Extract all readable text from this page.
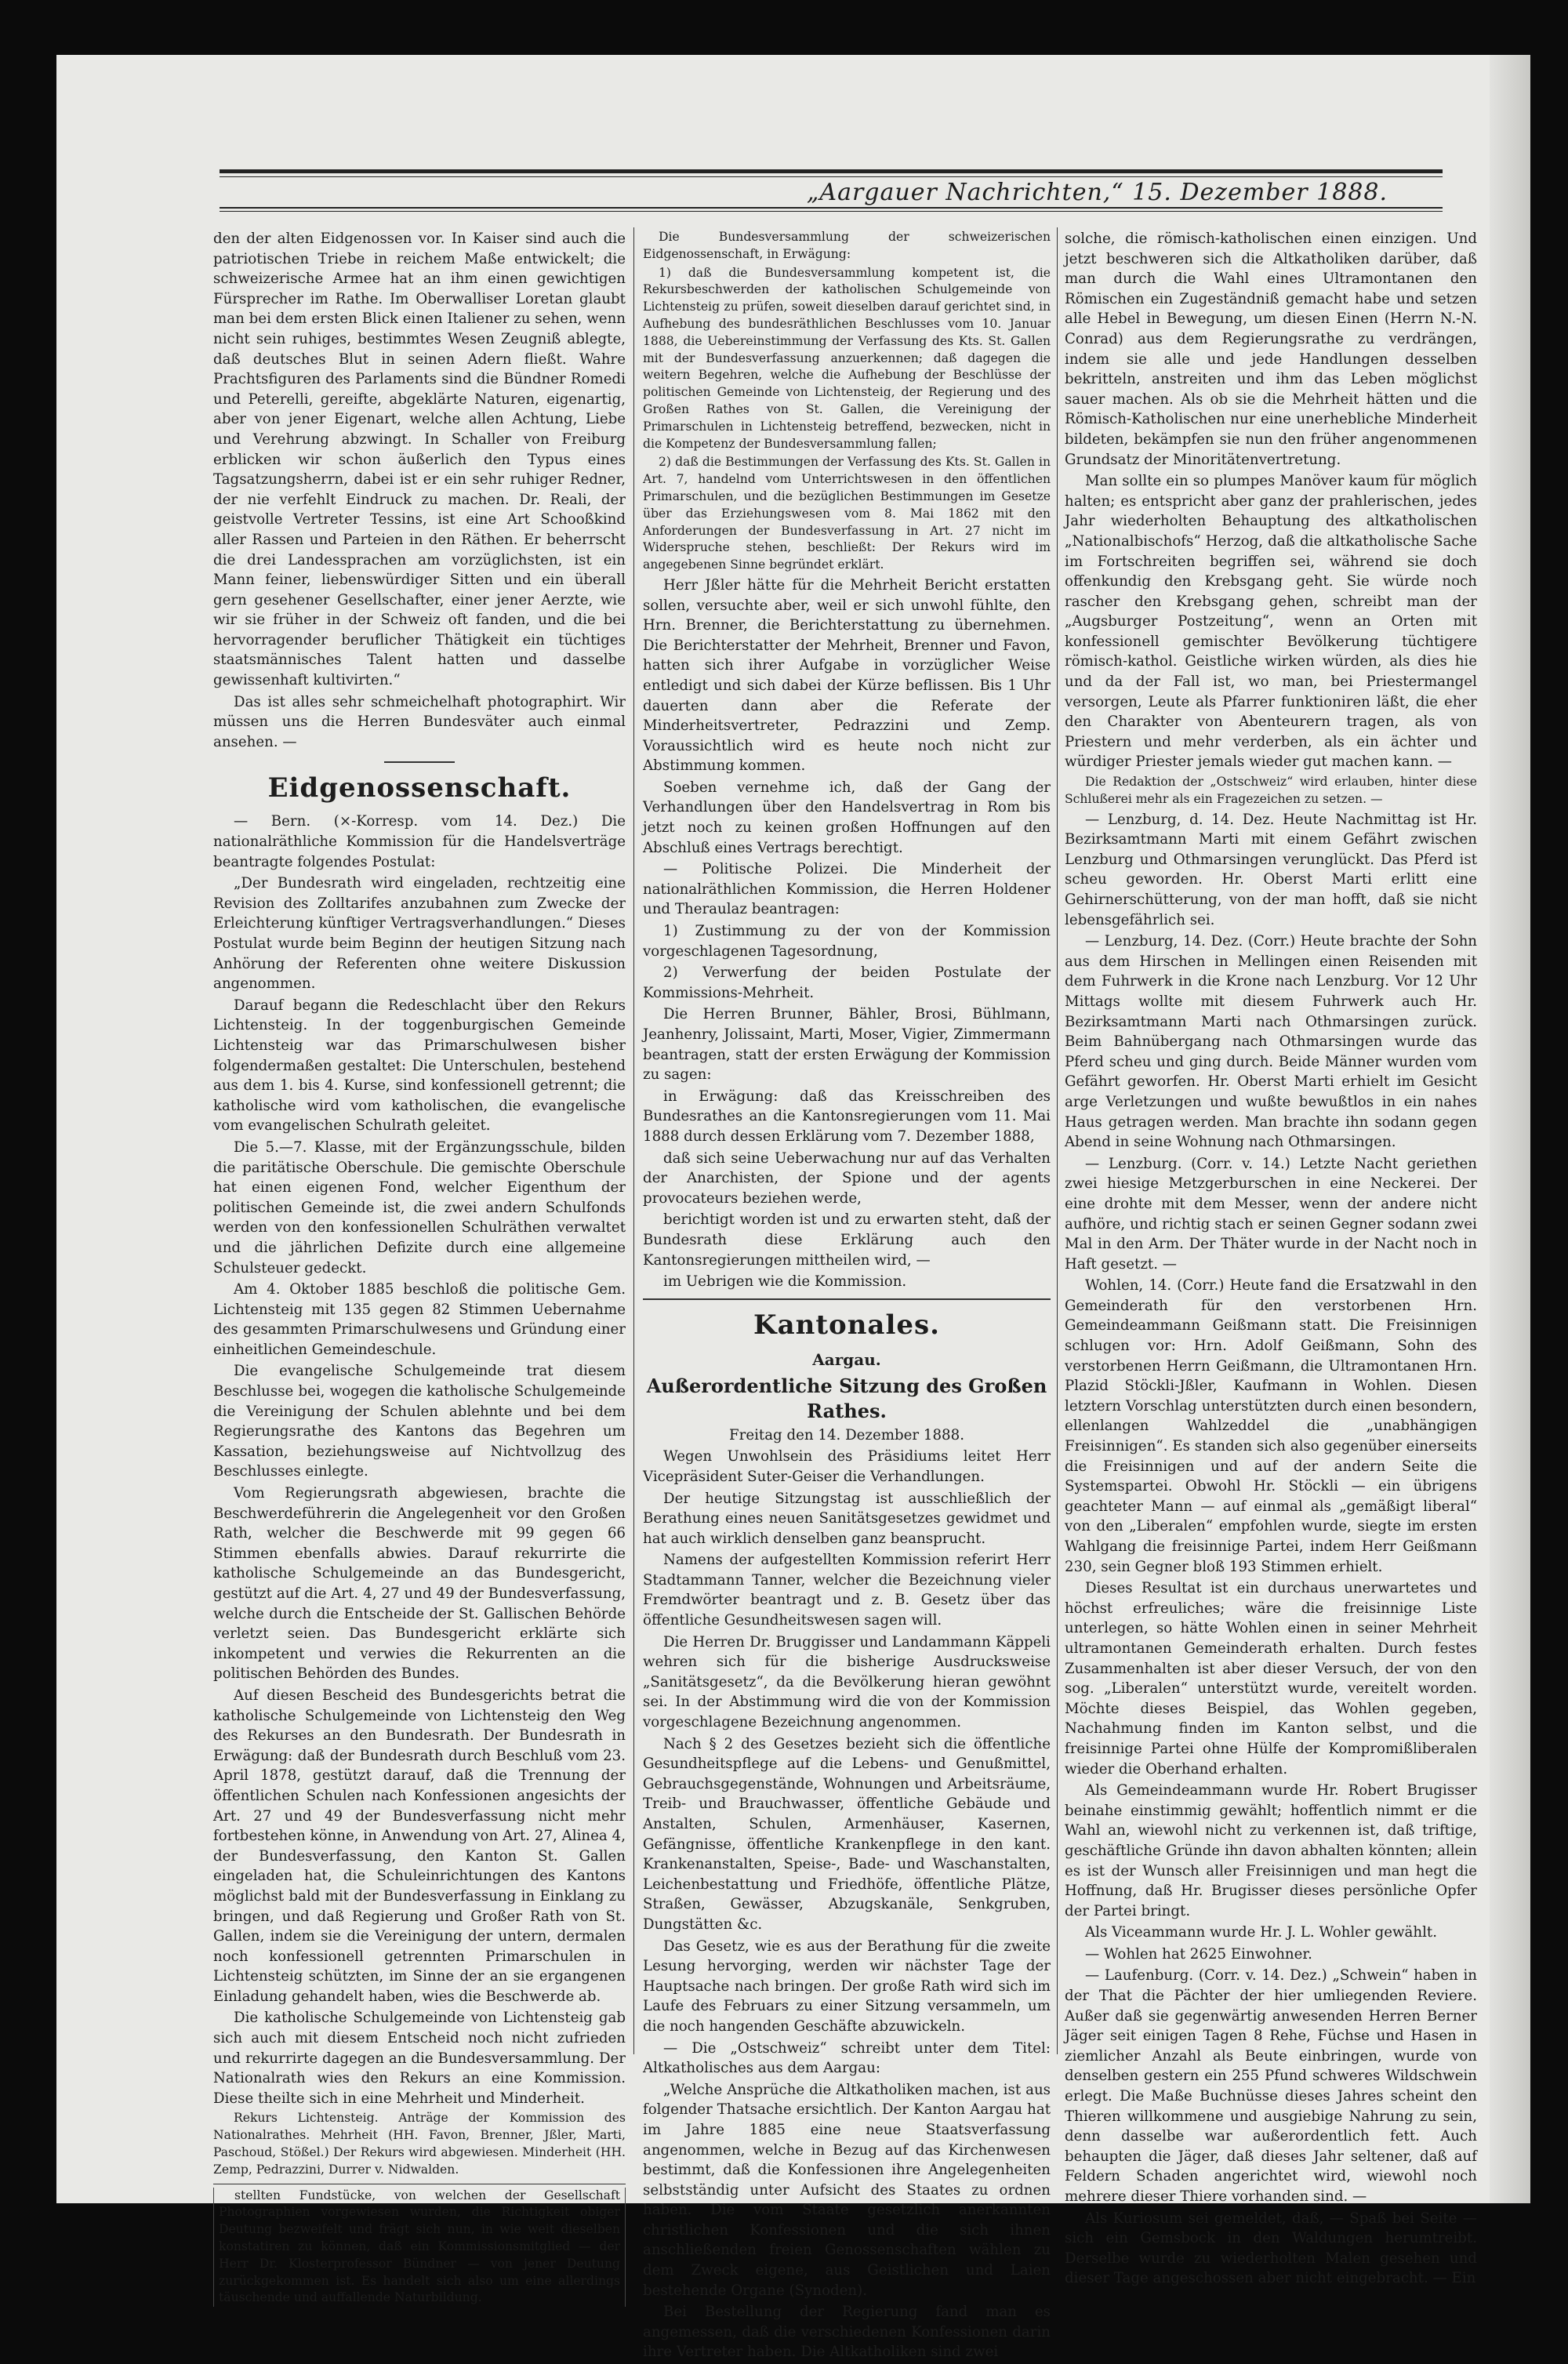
„Aargauer Nachrichten,“ 15. Dezember 1888.

den der alten Eidgenossen vor. In Kaiser sind auch die patriotischen Triebe in reichem Maße entwickelt; die schweizerische Armee hat an ihm einen gewichtigen Fürsprecher im Rathe. Im Oberwalliser Loretan glaubt man bei dem ersten Blick einen Italiener zu sehen, wenn nicht sein ruhiges, bestimmtes Wesen Zeugniß ablegte, daß deutsches Blut in seinen Adern fließt. Wahre Prachtsfiguren des Parlaments sind die Bündner Romedi und Peterelli, gereifte, abgeklärte Naturen, eigenartig, aber von jener Eigenart, welche allen Achtung, Liebe und Verehrung abzwingt. In Schaller von Freiburg erblicken wir schon äußerlich den Typus eines Tagsatzungsherrn, dabei ist er ein sehr ruhiger Redner, der nie verfehlt Eindruck zu machen. Dr. Reali, der geistvolle Vertreter Tessins, ist eine Art Schooßkind aller Rassen und Parteien in den Räthen. Er beherrscht die drei Landessprachen am vorzüglichsten, ist ein Mann feiner, liebenswürdiger Sitten und ein überall gern gesehener Gesellschafter, einer jener Aerzte, wie wir sie früher in der Schweiz oft fanden, und die bei hervorragender beruflicher Thätigkeit ein tüchtiges staatsmännisches Talent hatten und dasselbe gewissenhaft kultivirten.“

Das ist alles sehr schmeichelhaft photographirt. Wir müssen uns die Herren Bundesväter auch einmal ansehen. —

Eidgenossenschaft.

— Bern. (×-Korresp. vom 14. Dez.) Die nationalräthliche Kommission für die Handelsverträge beantragte folgendes Postulat:

„Der Bundesrath wird eingeladen, rechtzeitig eine Revision des Zolltarifes anzubahnen zum Zwecke der Erleichterung künftiger Vertragsverhandlungen.“ Dieses Postulat wurde beim Beginn der heutigen Sitzung nach Anhörung der Referenten ohne weitere Diskussion angenommen.

Darauf begann die Redeschlacht über den Rekurs Lichtensteig. In der toggenburgischen Gemeinde Lichtensteig war das Primarschulwesen bisher folgendermaßen gestaltet: Die Unterschulen, bestehend aus dem 1. bis 4. Kurse, sind konfessionell getrennt; die katholische wird vom katholischen, die evangelische vom evangelischen Schulrath geleitet.

Die 5.—7. Klasse, mit der Ergänzungsschule, bilden die paritätische Oberschule. Die gemischte Oberschule hat einen eigenen Fond, welcher Eigenthum der politischen Gemeinde ist, die zwei andern Schulfonds werden von den konfessionellen Schulräthen verwaltet und die jährlichen Defizite durch eine allgemeine Schulsteuer gedeckt.

Am 4. Oktober 1885 beschloß die politische Gem. Lichtensteig mit 135 gegen 82 Stimmen Uebernahme des gesammten Primarschulwesens und Gründung einer einheitlichen Gemeindeschule.

Die evangelische Schulgemeinde trat diesem Beschlusse bei, wogegen die katholische Schulgemeinde die Vereinigung der Schulen ablehnte und bei dem Regierungsrathe des Kantons das Begehren um Kassation, beziehungsweise auf Nichtvollzug des Beschlusses einlegte.

Vom Regierungsrath abgewiesen, brachte die Beschwerdeführerin die Angelegenheit vor den Großen Rath, welcher die Beschwerde mit 99 gegen 66 Stimmen ebenfalls abwies. Darauf rekurrirte die katholische Schulgemeinde an das Bundesgericht, gestützt auf die Art. 4, 27 und 49 der Bundesverfassung, welche durch die Entscheide der St. Gallischen Behörde verletzt seien. Das Bundesgericht erklärte sich inkompetent und verwies die Rekurrenten an die politischen Behörden des Bundes.

Auf diesen Bescheid des Bundesgerichts betrat die katholische Schulgemeinde von Lichtensteig den Weg des Rekurses an den Bundesrath. Der Bundesrath in Erwägung: daß der Bundesrath durch Beschluß vom 23. April 1878, gestützt darauf, daß die Trennung der öffentlichen Schulen nach Konfessionen angesichts der Art. 27 und 49 der Bundesverfassung nicht mehr fortbestehen könne, in Anwendung von Art. 27, Alinea 4, der Bundesverfassung, den Kanton St. Gallen eingeladen hat, die Schuleinrichtungen des Kantons möglichst bald mit der Bundesverfassung in Einklang zu bringen, und daß Regierung und Großer Rath von St. Gallen, indem sie die Vereinigung der untern, dermalen noch konfessionell getrennten Primarschulen in Lichtensteig schützten, im Sinne der an sie ergangenen Einladung gehandelt haben, wies die Beschwerde ab.

Die katholische Schulgemeinde von Lichtensteig gab sich auch mit diesem Entscheid noch nicht zufrieden und rekurrirte dagegen an die Bundesversammlung. Der Nationalrath wies den Rekurs an eine Kommission. Diese theilte sich in eine Mehrheit und Minderheit.

Rekurs Lichtensteig. Anträge der Kommission des Nationalrathes. Mehrheit (HH. Favon, Brenner, Jßler, Marti, Paschoud, Stößel.) Der Rekurs wird abgewiesen. Minderheit (HH. Zemp, Pedrazzini, Durrer v. Nidwalden.

stellten Fundstücke, von welchen der Gesellschaft Photographien vorgewiesen wurden, die Richtigkeit obiger Deutung bezweifelt und frägt sich nun, in wie weit dieselben konstatiren zu können, daß ein Kommissionsmitglied — der Herr Dr. Klosterprofessor Bündner — von jener Deutung zurückgekommen ist. Es handelt sich also um eine allerdings täuschende und auffallende Naturbildung.

Die Bundesversammlung der schweizerischen Eidgenossenschaft, in Erwägung:

1) daß die Bundesversammlung kompetent ist, die Rekursbeschwerden der katholischen Schulgemeinde von Lichtensteig zu prüfen, soweit dieselben darauf gerichtet sind, in Aufhebung des bundesräthlichen Beschlusses vom 10. Januar 1888, die Uebereinstimmung der Verfassung des Kts. St. Gallen mit der Bundesverfassung anzuerkennen; daß dagegen die weitern Begehren, welche die Aufhebung der Beschlüsse der politischen Gemeinde von Lichtensteig, der Regierung und des Großen Rathes von St. Gallen, die Vereinigung der Primarschulen in Lichtensteig betreffend, bezwecken, nicht in die Kompetenz der Bundesversammlung fallen;

2) daß die Bestimmungen der Verfassung des Kts. St. Gallen in Art. 7, handelnd vom Unterrichtswesen in den öffentlichen Primarschulen, und die bezüglichen Bestimmungen im Gesetze über das Erziehungswesen vom 8. Mai 1862 mit den Anforderungen der Bundesverfassung in Art. 27 nicht im Widerspruche stehen, beschließt: Der Rekurs wird im angegebenen Sinne begründet erklärt.

Herr Jßler hätte für die Mehrheit Bericht erstatten sollen, versuchte aber, weil er sich unwohl fühlte, den Hrn. Brenner, die Berichterstattung zu übernehmen. Die Berichterstatter der Mehrheit, Brenner und Favon, hatten sich ihrer Aufgabe in vorzüglicher Weise entledigt und sich dabei der Kürze beflissen. Bis 1 Uhr dauerten dann aber die Referate der Minderheitsvertreter, Pedrazzini und Zemp. Voraussichtlich wird es heute noch nicht zur Abstimmung kommen.

Soeben vernehme ich, daß der Gang der Verhandlungen über den Handelsvertrag in Rom bis jetzt noch zu keinen großen Hoffnungen auf den Abschluß eines Vertrags berechtigt.

— Politische Polizei. Die Minderheit der nationalräthlichen Kommission, die Herren Holdener und Theraulaz beantragen:

1) Zustimmung zu der von der Kommission vorgeschlagenen Tagesordnung,

2) Verwerfung der beiden Postulate der Kommissions-Mehrheit.

Die Herren Brunner, Bähler, Brosi, Bühlmann, Jeanhenry, Jolissaint, Marti, Moser, Vigier, Zimmermann beantragen, statt der ersten Erwägung der Kommission zu sagen:

in Erwägung: daß das Kreisschreiben des Bundesrathes an die Kantonsregierungen vom 11. Mai 1888 durch dessen Erklärung vom 7. Dezember 1888,

daß sich seine Ueberwachung nur auf das Verhalten der Anarchisten, der Spione und der agents provocateurs beziehen werde,

berichtigt worden ist und zu erwarten steht, daß der Bundesrath diese Erklärung auch den Kantonsregierungen mittheilen wird, —

im Uebrigen wie die Kommission.

Kantonales.
Aargau.
Außerordentliche Sitzung des Großen Rathes.

Freitag den 14. Dezember 1888.

Wegen Unwohlsein des Präsidiums leitet Herr Vicepräsident Suter-Geiser die Verhandlungen.

Der heutige Sitzungstag ist ausschließlich der Berathung eines neuen Sanitätsgesetzes gewidmet und hat auch wirklich denselben ganz beansprucht.

Namens der aufgestellten Kommission referirt Herr Stadtammann Tanner, welcher die Bezeichnung vieler Fremdwörter beantragt und z. B. Gesetz über das öffentliche Gesundheitswesen sagen will.

Die Herren Dr. Bruggisser und Landammann Käppeli wehren sich für die bisherige Ausdrucksweise „Sanitätsgesetz“, da die Bevölkerung hieran gewöhnt sei. In der Abstimmung wird die von der Kommission vorgeschlagene Bezeichnung angenommen.

Nach § 2 des Gesetzes bezieht sich die öffentliche Gesundheitspflege auf die Lebens- und Genußmittel, Gebrauchsgegenstände, Wohnungen und Arbeitsräume, Treib- und Brauchwasser, öffentliche Gebäude und Anstalten, Schulen, Armenhäuser, Kasernen, Gefängnisse, öffentliche Krankenpflege in den kant. Krankenanstalten, Speise-, Bade- und Waschanstalten, Leichenbestattung und Friedhöfe, öffentliche Plätze, Straßen, Gewässer, Abzugskanäle, Senkgruben, Dungstätten &c.

Das Gesetz, wie es aus der Berathung für die zweite Lesung hervorging, werden wir nächster Tage der Hauptsache nach bringen. Der große Rath wird sich im Laufe des Februars zu einer Sitzung versammeln, um die noch hangenden Geschäfte abzuwickeln.

— Die „Ostschweiz“ schreibt unter dem Titel: Altkatholisches aus dem Aargau:

„Welche Ansprüche die Altkatholiken machen, ist aus folgender Thatsache ersichtlich. Der Kanton Aargau hat im Jahre 1885 eine neue Staatsverfassung angenommen, welche in Bezug auf das Kirchenwesen bestimmt, daß die Konfessionen ihre Angelegenheiten selbstständig unter Aufsicht des Staates zu ordnen haben. Die vom Staate gesetzlich anerkannten christlichen Konfessionen und die sich ihnen anschließenden freien Genossenschaften wählen zu dem Zweck eigene, aus Geistlichen und Laien bestehende Organe (Synoden).

Bei Bestellung der Regierung fand man es angemessen, daß die verschiedenen Konfessionen darin ihre Vertreter haben. Die Altkatholiken sind zwei

solche, die römisch-katholischen einen einzigen. Und jetzt beschweren sich die Altkatholiken darüber, daß man durch die Wahl eines Ultramontanen den Römischen ein Zugeständniß gemacht habe und setzen alle Hebel in Bewegung, um diesen Einen (Herrn N.-N. Conrad) aus dem Regierungsrathe zu verdrängen, indem sie alle und jede Handlungen desselben bekritteln, anstreiten und ihm das Leben möglichst sauer machen. Als ob sie die Mehrheit hätten und die Römisch-Katholischen nur eine unerhebliche Minderheit bildeten, bekämpfen sie nun den früher angenommenen Grundsatz der Minoritätenvertretung.

Man sollte ein so plumpes Manöver kaum für möglich halten; es entspricht aber ganz der prahlerischen, jedes Jahr wiederholten Behauptung des altkatholischen „Nationalbischofs“ Herzog, daß die altkatholische Sache im Fortschreiten begriffen sei, während sie doch offenkundig den Krebsgang geht. Sie würde noch rascher den Krebsgang gehen, schreibt man der „Augsburger Postzeitung“, wenn an Orten mit konfessionell gemischter Bevölkerung tüchtigere römisch-kathol. Geistliche wirken würden, als dies hie und da der Fall ist, wo man, bei Priestermangel versorgen, Leute als Pfarrer funktioniren läßt, die eher den Charakter von Abenteurern tragen, als von Priestern und mehr verderben, als ein ächter und würdiger Priester jemals wieder gut machen kann. —

Die Redaktion der „Ostschweiz“ wird erlauben, hinter diese Schlußerei mehr als ein Fragezeichen zu setzen. —

— Lenzburg, d. 14. Dez. Heute Nachmittag ist Hr. Bezirksamtmann Marti mit einem Gefährt zwischen Lenzburg und Othmarsingen verunglückt. Das Pferd ist scheu geworden. Hr. Oberst Marti erlitt eine Gehirnerschütterung, von der man hofft, daß sie nicht lebensgefährlich sei.

— Lenzburg, 14. Dez. (Corr.) Heute brachte der Sohn aus dem Hirschen in Mellingen einen Reisenden mit dem Fuhrwerk in die Krone nach Lenzburg. Vor 12 Uhr Mittags wollte mit diesem Fuhrwerk auch Hr. Bezirksamtmann Marti nach Othmarsingen zurück. Beim Bahnübergang nach Othmarsingen wurde das Pferd scheu und ging durch. Beide Männer wurden vom Gefährt geworfen. Hr. Oberst Marti erhielt im Gesicht arge Verletzungen und wußte bewußtlos in ein nahes Haus getragen werden. Man brachte ihn sodann gegen Abend in seine Wohnung nach Othmarsingen.

— Lenzburg. (Corr. v. 14.) Letzte Nacht geriethen zwei hiesige Metzgerburschen in eine Neckerei. Der eine drohte mit dem Messer, wenn der andere nicht aufhöre, und richtig stach er seinen Gegner sodann zwei Mal in den Arm. Der Thäter wurde in der Nacht noch in Haft gesetzt. —

Wohlen, 14. (Corr.) Heute fand die Ersatzwahl in den Gemeinderath für den verstorbenen Hrn. Gemeindeammann Geißmann statt. Die Freisinnigen schlugen vor: Hrn. Adolf Geißmann, Sohn des verstorbenen Herrn Geißmann, die Ultramontanen Hrn. Plazid Stöckli-Jßler, Kaufmann in Wohlen. Diesen letztern Vorschlag unterstützten durch einen besondern, ellenlangen Wahlzeddel die „unabhängigen Freisinnigen“. Es standen sich also gegenüber einerseits die Freisinnigen und auf der andern Seite die Systemspartei. Obwohl Hr. Stöckli — ein übrigens geachteter Mann — auf einmal als „gemäßigt liberal“ von den „Liberalen“ empfohlen wurde, siegte im ersten Wahlgang die freisinnige Partei, indem Herr Geißmann 230, sein Gegner bloß 193 Stimmen erhielt.

Dieses Resultat ist ein durchaus unerwartetes und höchst erfreuliches; wäre die freisinnige Liste unterlegen, so hätte Wohlen einen in seiner Mehrheit ultramontanen Gemeinderath erhalten. Durch festes Zusammenhalten ist aber dieser Versuch, der von den sog. „Liberalen“ unterstützt wurde, vereitelt worden. Möchte dieses Beispiel, das Wohlen gegeben, Nachahmung finden im Kanton selbst, und die freisinnige Partei ohne Hülfe der Kompromißliberalen wieder die Oberhand erhalten.

Als Gemeindeammann wurde Hr. Robert Brugisser beinahe einstimmig gewählt; hoffentlich nimmt er die Wahl an, wiewohl nicht zu verkennen ist, daß triftige, geschäftliche Gründe ihn davon abhalten könnten; allein es ist der Wunsch aller Freisinnigen und man hegt die Hoffnung, daß Hr. Brugisser dieses persönliche Opfer der Partei bringt.

Als Vicеammann wurde Hr. J. L. Wohler gewählt.

— Wohlen hat 2625 Einwohner.

— Laufenburg. (Corr. v. 14. Dez.) „Schwein“ haben in der That die Pächter der hier umliegenden Reviere. Außer daß sie gegenwärtig anwesenden Herren Berner Jäger seit einigen Tagen 8 Rehe, Füchse und Hasen in ziemlicher Anzahl als Beute einbringen, wurde von denselben gestern ein 255 Pfund schweres Wildschwein erlegt. Die Maße Buchnüsse dieses Jahres scheint den Thieren willkommene und ausgiebige Nahrung zu sein, denn dasselbe war außerordentlich fett. Auch behaupten die Jäger, daß dieses Jahr seltener, daß auf Feldern Schaden angerichtet wird, wiewohl noch mehrere dieser Thiere vorhanden sind. —

Als Kuriosum sei gemeldet, daß, — Spaß bei Seite — sich ein Gemsbock in den Waldungen herumtreibt. Derselbe wurde zu wiederholten Malen gesehen und dieser Tage angeschossen aber nicht eingebracht. — Ein
